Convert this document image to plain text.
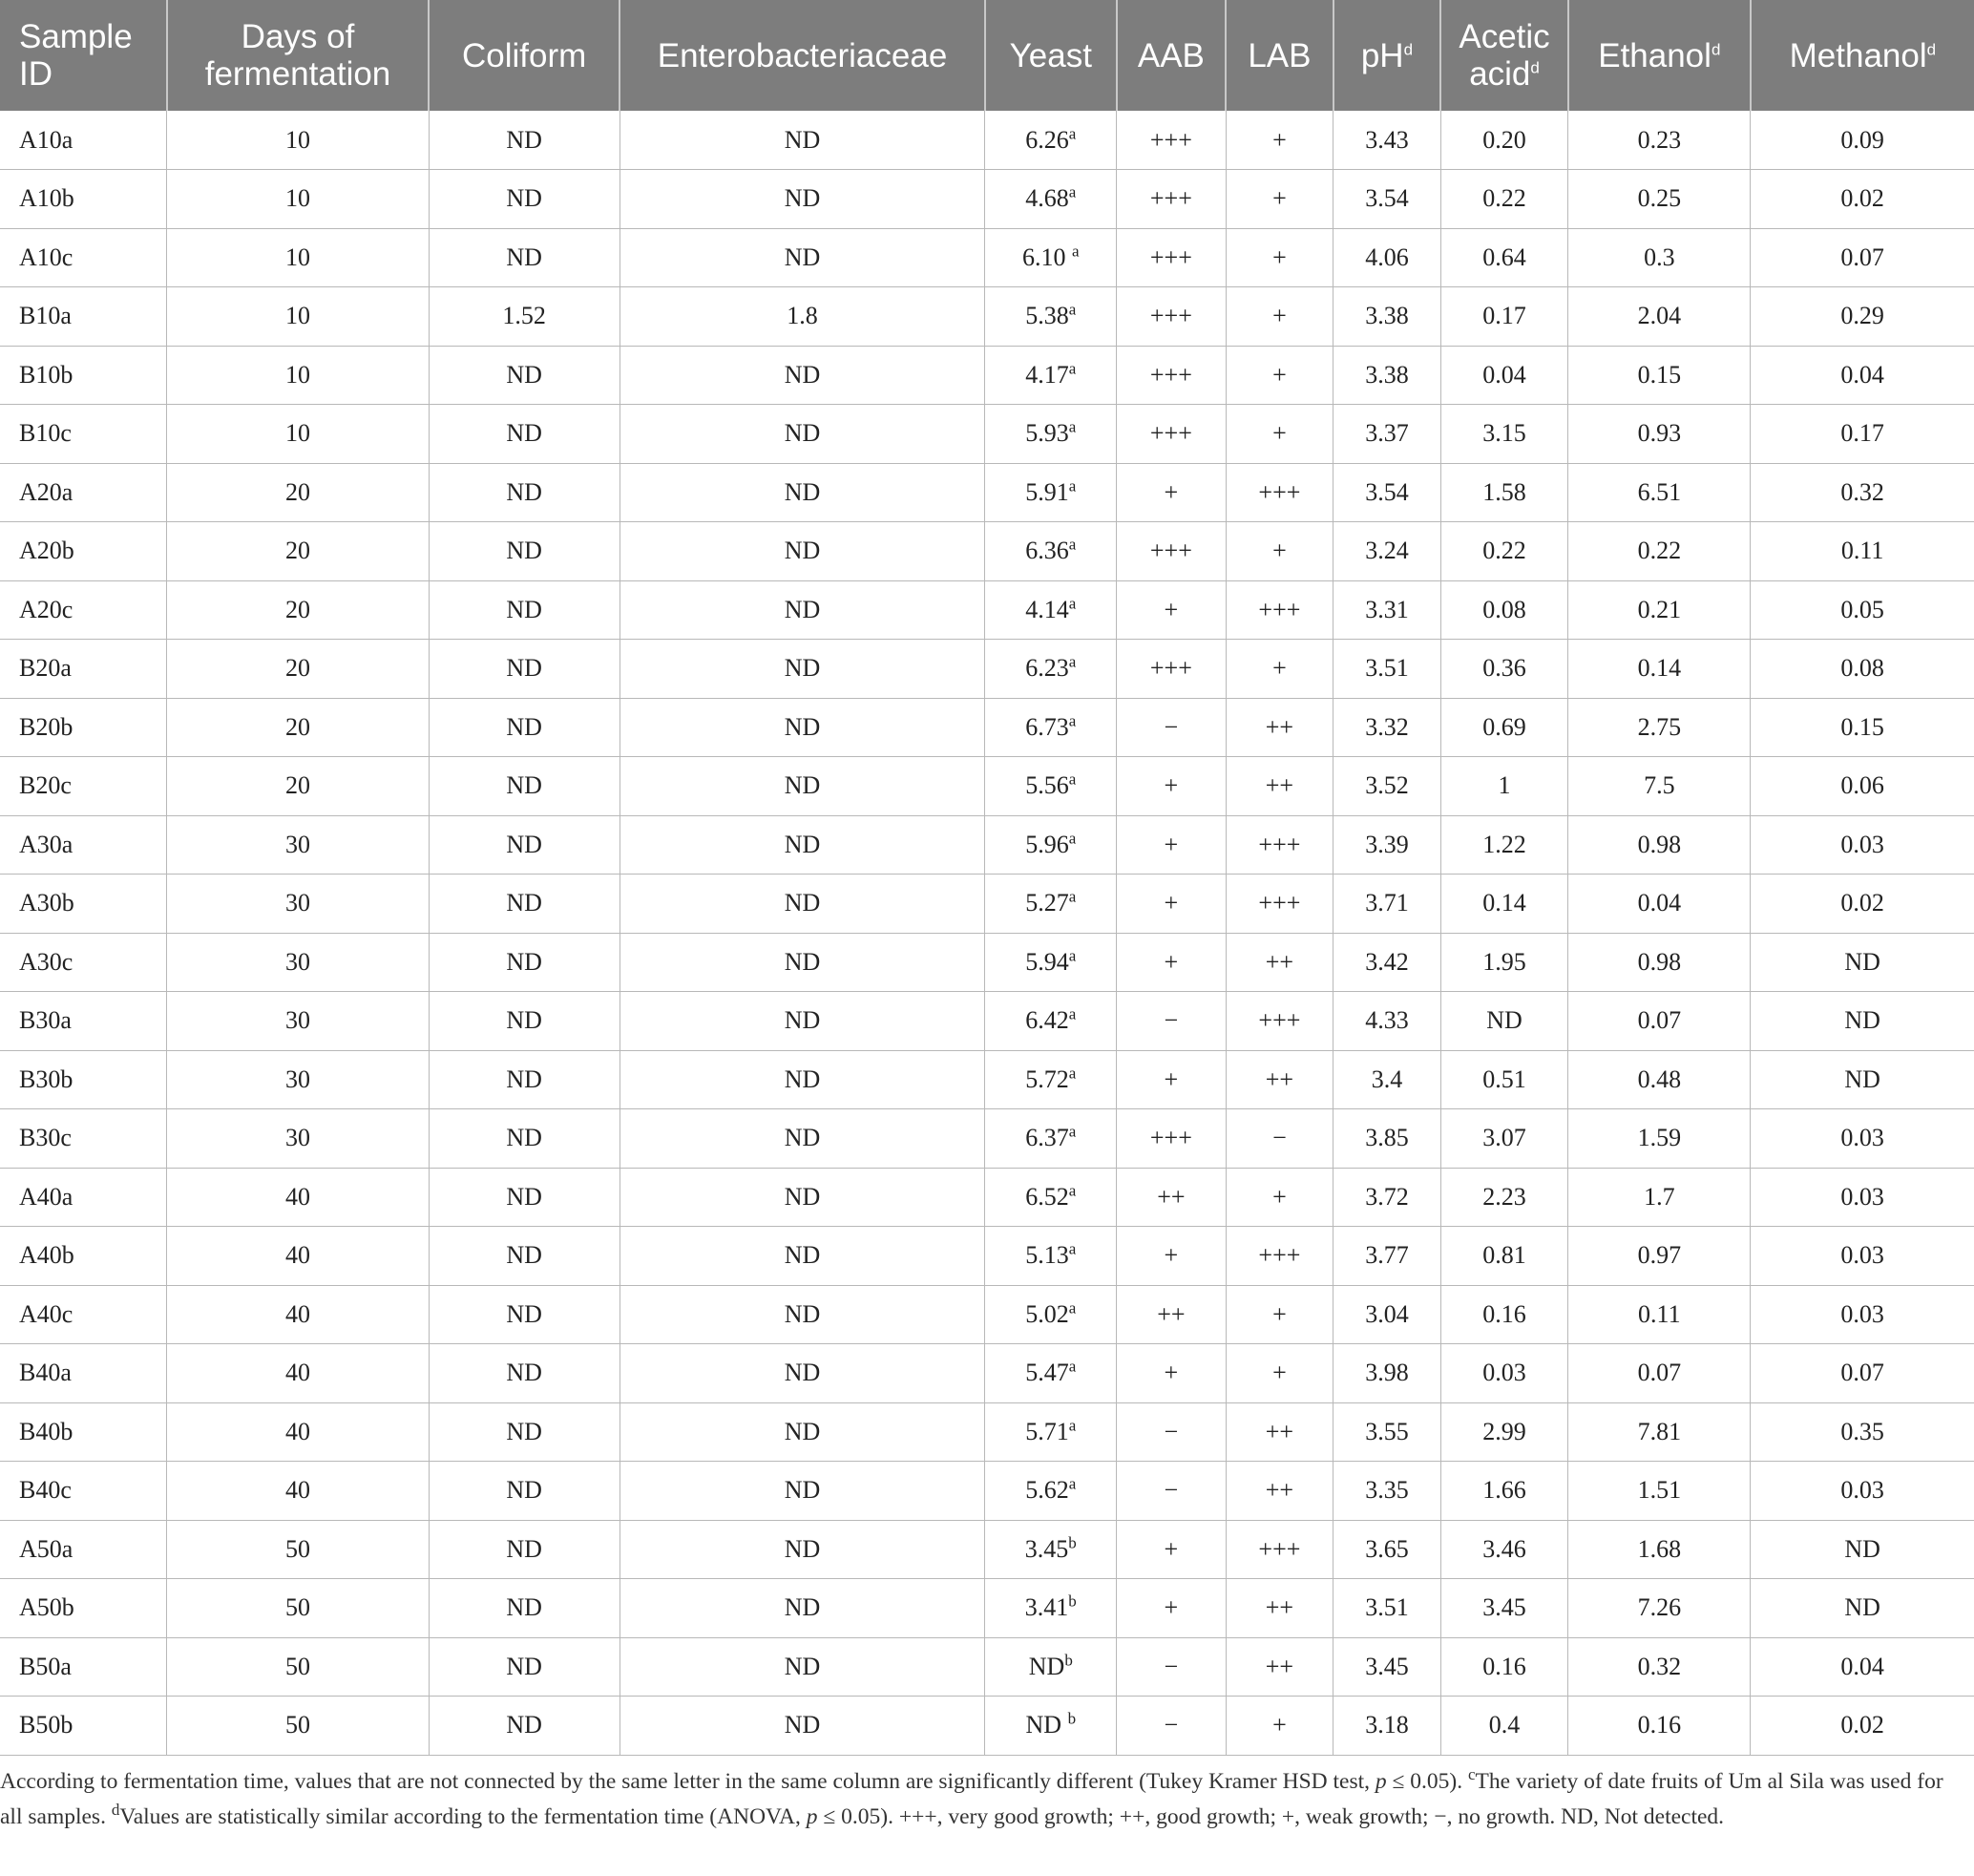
Sample ID	Days of fermentation	Coliform	Enterobacteriaceae	Yeast	AAB	LAB	$pH^d$	Acetic acid$^d$	Ethanol$^d$	Methanol$^d$
A10a	10	ND	ND	6.26$^a$	+++	+	3.43	0.20	0.23	0.09
A10b	10	ND	ND	4.68$^a$	+++	+	3.54	0.22	0.25	0.02
A10c	10	ND	ND	6.10 $^a$	+++	+	4.06	0.64	0.3	0.07
B10a	10	1.52	1.8	5.38$^a$	+++	+	3.38	0.17	2.04	0.29
B10b	10	ND	ND	4.17$^a$	+++	+	3.38	0.04	0.15	0.04
B10c	10	ND	ND	5.93$^a$	+++	+	3.37	3.15	0.93	0.17
A20a	20	ND	ND	5.91$^a$	+	+++	3.54	1.58	6.51	0.32
A20b	20	ND	ND	6.36$^a$	+++	+	3.24	0.22	0.22	0.11
A20c	20	ND	ND	4.14$^a$	+	+++	3.31	0.08	0.21	0.05
B20a	20	ND	ND	6.23$^a$	+++	+	3.51	0.36	0.14	0.08
B20b	20	ND	ND	6.73$^a$	−	++	3.32	0.69	2.75	0.15
B20c	20	ND	ND	5.56$^a$	+	++	3.52	1	7.5	0.06
A30a	30	ND	ND	5.96$^a$	+	+++	3.39	1.22	0.98	0.03
A30b	30	ND	ND	5.27$^a$	+	+++	3.71	0.14	0.04	0.02
A30c	30	ND	ND	5.94$^a$	+	++	3.42	1.95	0.98	ND
B30a	30	ND	ND	6.42$^a$	−	+++	4.33	ND	0.07	ND
B30b	30	ND	ND	5.72$^a$	+	++	3.4	0.51	0.48	ND
B30c	30	ND	ND	6.37$^a$	+++	−	3.85	3.07	1.59	0.03
A40a	40	ND	ND	6.52$^a$	++	+	3.72	2.23	1.7	0.03
A40b	40	ND	ND	5.13$^a$	+	+++	3.77	0.81	0.97	0.03
A40c	40	ND	ND	5.02$^a$	++	+	3.04	0.16	0.11	0.03
B40a	40	ND	ND	5.47$^a$	+	+	3.98	0.03	0.07	0.07
B40b	40	ND	ND	5.71$^a$	−	++	3.55	2.99	7.81	0.35
B40c	40	ND	ND	5.62$^a$	−	++	3.35	1.66	1.51	0.03
A50a	50	ND	ND	3.45$^b$	+	+++	3.65	3.46	1.68	ND
A50b	50	ND	ND	3.41$^b$	+	++	3.51	3.45	7.26	ND
B50a	50	ND	ND	$ND^b$	−	++	3.45	0.16	0.32	0.04
B50b	50	ND	ND	ND $^b$	−	+	3.18	0.4	0.16	0.02
According to fermentation time, values that are not connected by the same letter in the same column are significantly different (Tukey Kramer HSD test, p ≤ 0.05). $^c$The variety of date fruits of Um al Sila was used for all samples. $^d$Values are statistically similar according to the fermentation time (ANOVA, p ≤ 0.05). +++, very good growth; ++, good growth; +, weak growth; −, no growth. ND, Not detected.
